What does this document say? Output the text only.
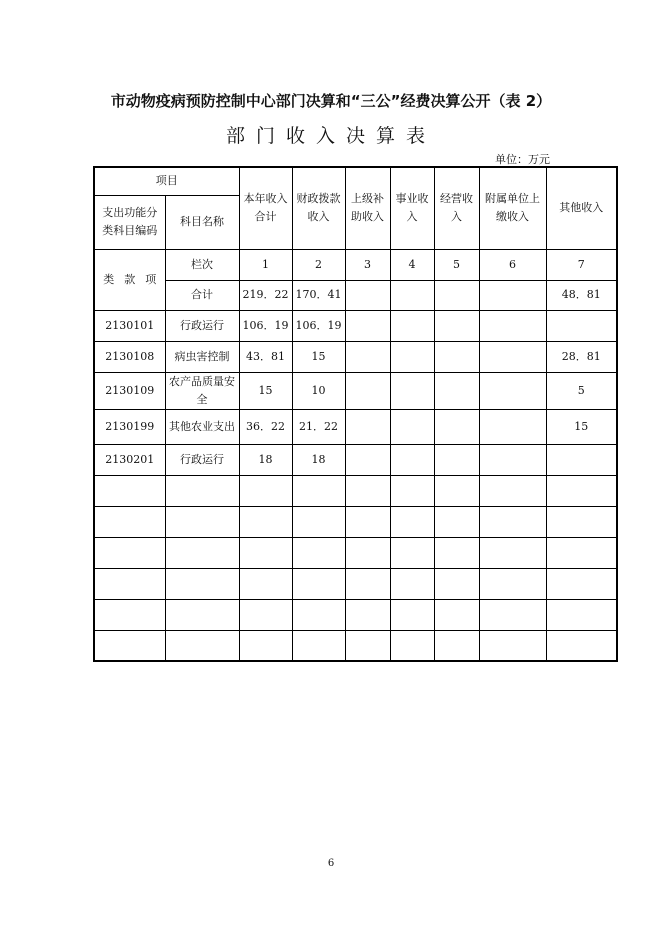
市动物疫病预防控制中心部门决算和“三公”经费决算公开（表 2）
部门收入决算表
单位：万元
项目		本年收入合计	财政拨款收入	上级补助收入	事业收入	经营收入	附属单位上缴收入	其他收入
支出功能分类科目编码	科目名称							
类 款 项	栏次	1	2	3	4	5	6	7
	合计	219．22	170．41					48．81
2130101	行政运行	106．19	106．19					
2130108	病虫害控制	43．81	15					28．81
2130109	农产品质量安全	15	10					5
2130199	其他农业支出	36．22	21．22					15
2130201	行政运行	18	18					

6
